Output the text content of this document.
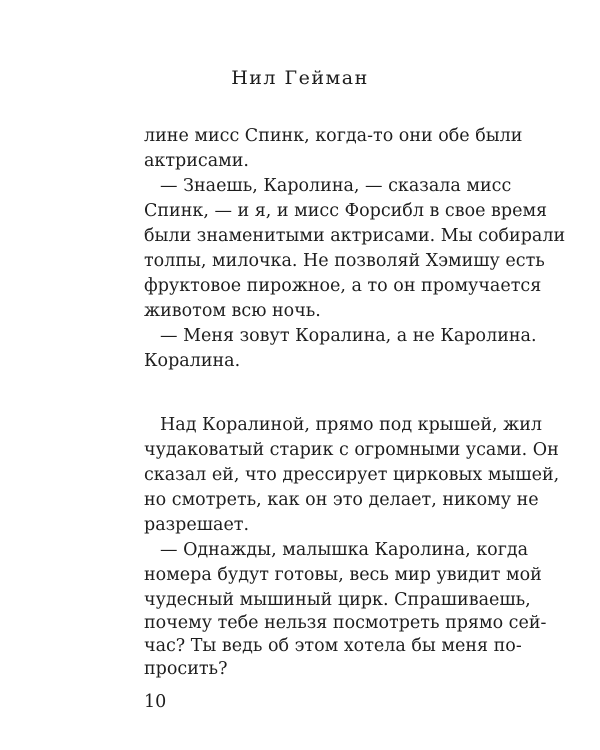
Нил Гейман
лине мисс Спинк, когда-то они обе были
актрисами.
— Знаешь, Каролина, — сказала мисс
Спинк, — и я, и мисс Форсибл в свое время
были знаменитыми актрисами. Мы собирали
толпы, милочка. Не позволяй Хэмишу есть
фруктовое пирожное, а то он промучается
животом всю ночь.
— Меня зовут Коралина, а не Каролина.
Коралина.
Над Коралиной, прямо под крышей, жил
чудаковатый старик с огромными усами. Он
сказал ей, что дрессирует цирковых мышей,
но смотреть, как он это делает, никому не
разрешает.
— Однажды, малышка Каролина, когда
номера будут готовы, весь мир увидит мой
чудесный мышиный цирк. Спрашиваешь,
почему тебе нельзя посмотреть прямо сей-
час? Ты ведь об этом хотела бы меня по-
просить?
10
